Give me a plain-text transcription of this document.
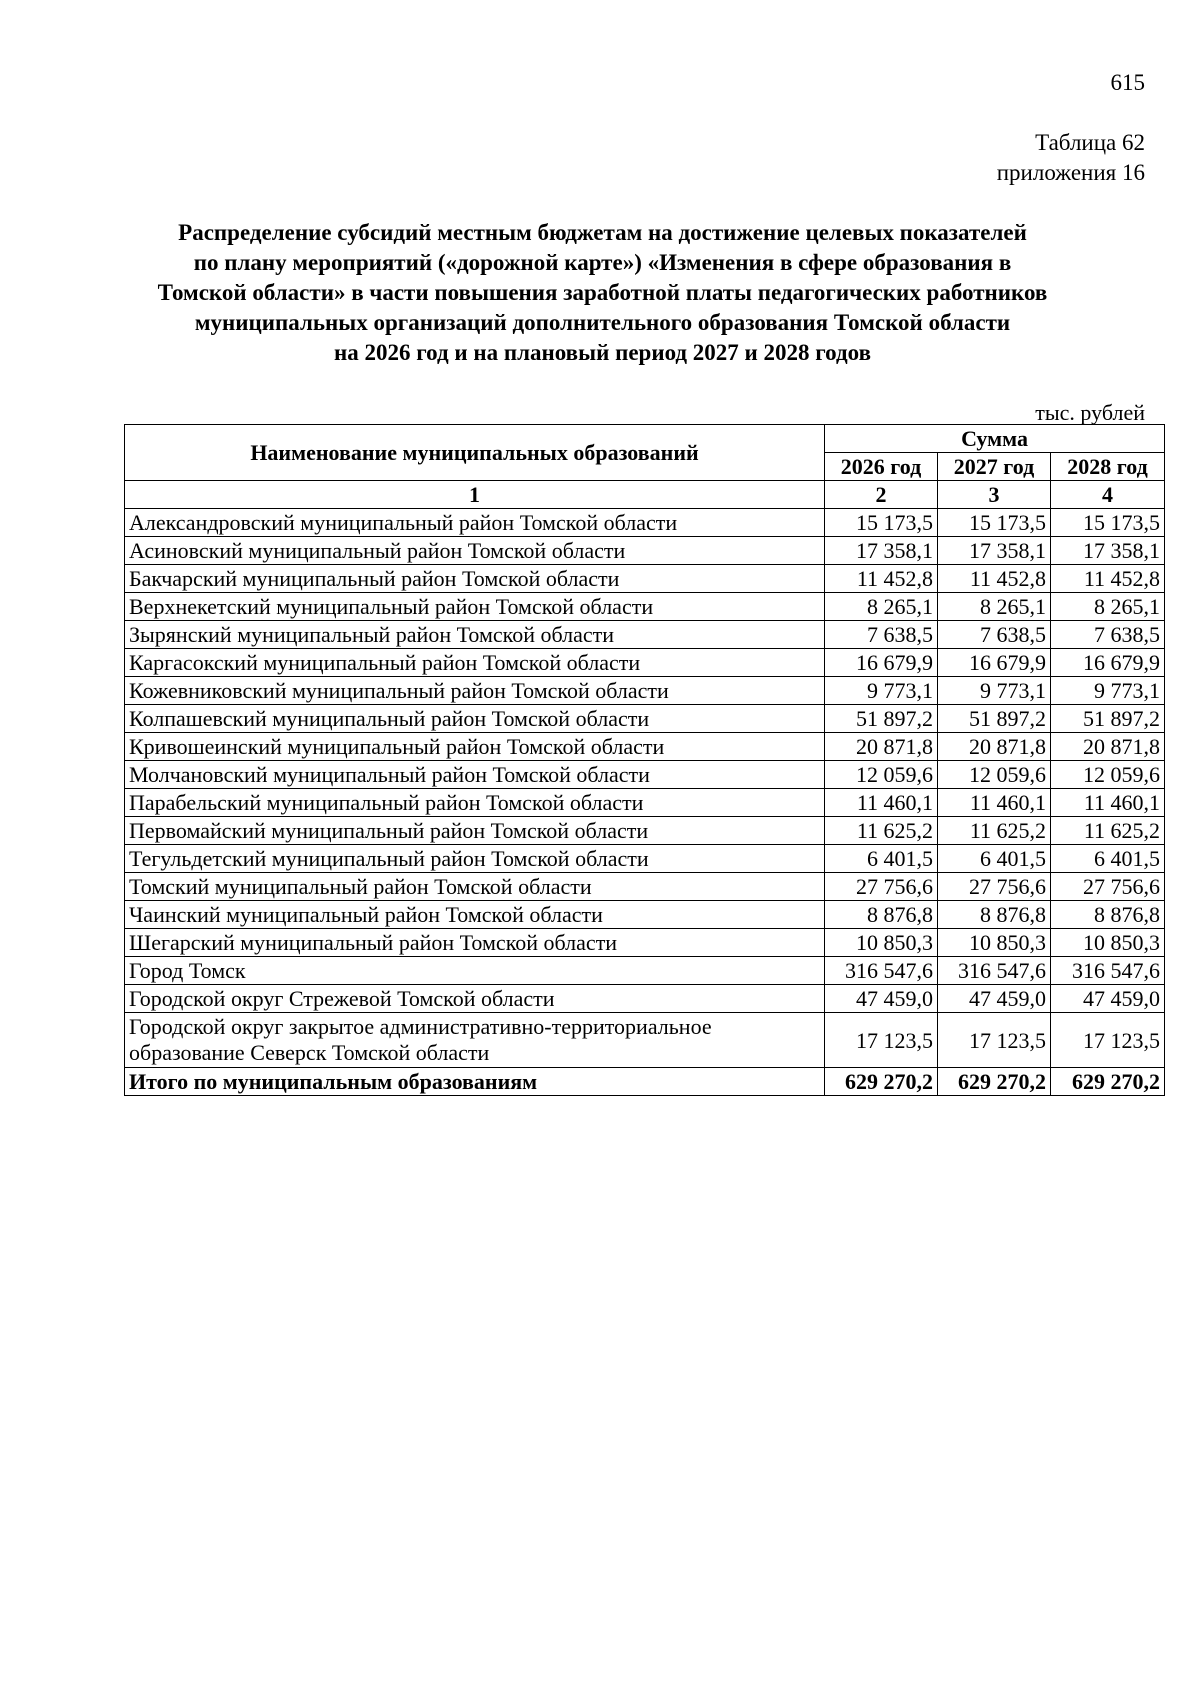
615
Таблица 62
приложения 16
Распределение субсидий местным бюджетам на достижение целевых показателей
по плану мероприятий («дорожной карте») «Изменения в сфере образования в
Томской области» в части повышения заработной платы педагогических работников
муниципальных организаций дополнительного образования Томской области
на 2026 год и на плановый период 2027 и 2028 годов
тыс. рублей
Наименование муниципальных образований	Сумма		
	2026 год	2027 год	2028 год
1	2	3	4
Александровский муниципальный район Томской области	15 173,5	15 173,5	15 173,5
Асиновский муниципальный район Томской области	17 358,1	17 358,1	17 358,1
Бакчарский муниципальный район Томской области	11 452,8	11 452,8	11 452,8
Верхнекетский муниципальный район Томской области	8 265,1	8 265,1	8 265,1
Зырянский муниципальный район Томской области	7 638,5	7 638,5	7 638,5
Каргасокский муниципальный район Томской области	16 679,9	16 679,9	16 679,9
Кожевниковский муниципальный район Томской области	9 773,1	9 773,1	9 773,1
Колпашевский муниципальный район Томской области	51 897,2	51 897,2	51 897,2
Кривошеинский муниципальный район Томской области	20 871,8	20 871,8	20 871,8
Молчановский муниципальный район Томской области	12 059,6	12 059,6	12 059,6
Парабельский муниципальный район Томской области	11 460,1	11 460,1	11 460,1
Первомайский муниципальный район Томской области	11 625,2	11 625,2	11 625,2
Тегульдетский муниципальный район Томской области	6 401,5	6 401,5	6 401,5
Томский муниципальный район Томской области	27 756,6	27 756,6	27 756,6
Чаинский муниципальный район Томской области	8 876,8	8 876,8	8 876,8
Шегарский муниципальный район Томской области	10 850,3	10 850,3	10 850,3
Город Томск	316 547,6	316 547,6	316 547,6
Городской округ Стрежевой Томской области	47 459,0	47 459,0	47 459,0
Городской округ закрытое административно-территориальное образование Северск Томской области	17 123,5	17 123,5	17 123,5
Итого по муниципальным образованиям	629 270,2	629 270,2	629 270,2
